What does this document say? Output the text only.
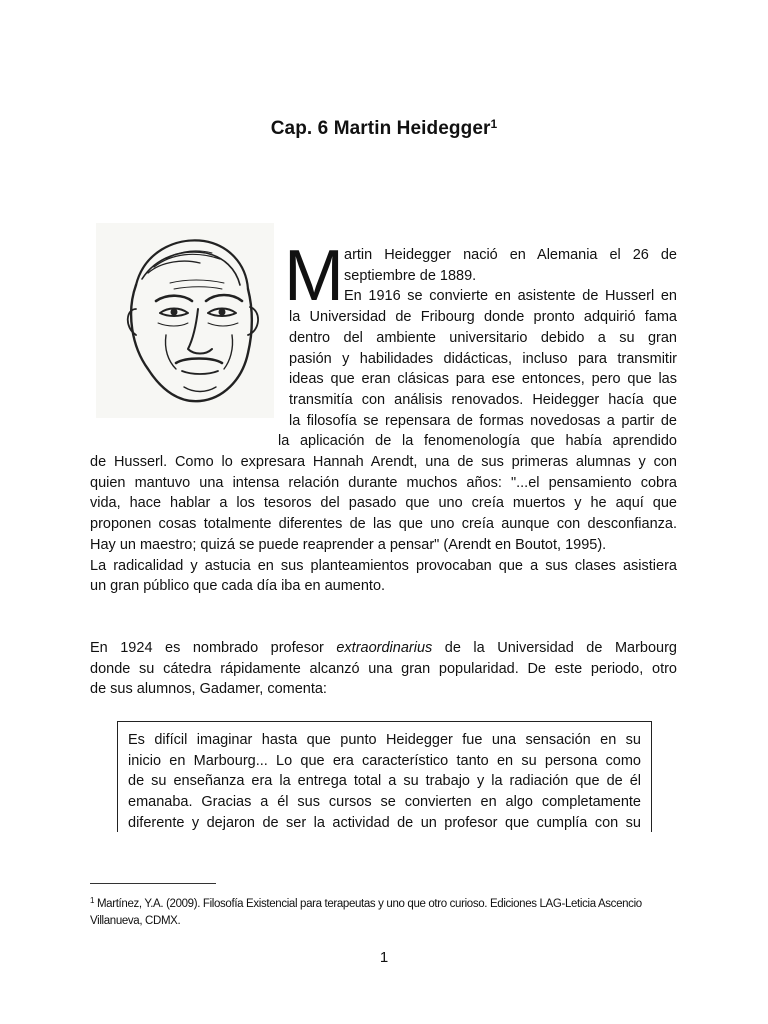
Cap. 6 Martin Heidegger$^1$
M artin Heidegger nació en Alemania el 26 de
septiembre de 1889.
En 1916 se convierte en asistente de Husserl en
la Universidad de Fribourg donde pronto adquirió fama
dentro del ambiente universitario debido a su gran
pasión y habilidades didácticas, incluso para transmitir
ideas que eran clásicas para ese entonces, pero que las
transmitía con análisis renovados. Heidegger hacía que
la filosofía se repensara de formas novedosas a partir de
la aplicación de la fenomenología que había aprendido
de Husserl. Como lo expresara Hannah Arendt, una de sus primeras alumnas y con
quien mantuvo una intensa relación durante muchos años: "...el pensamiento cobra
vida, hace hablar a los tesoros del pasado que uno creía muertos y he aquí que
proponen cosas totalmente diferentes de las que uno creía aunque con desconfianza.
Hay un maestro; quizá se puede reaprender a pensar" (Arendt en Boutot, 1995).
La radicalidad y astucia en sus planteamientos provocaban que a sus clases asistiera
un gran público que cada día iba en aumento.
En 1924 es nombrado profesor extraordinarius de la Universidad de Marbourg
donde su cátedra rápidamente alcanzó una gran popularidad. De este periodo, otro
de sus alumnos, Gadamer, comenta:
Es difícil imaginar hasta que punto Heidegger fue una sensación en su
inicio en Marbourg... Lo que era característico tanto en su persona como
de su enseñanza era la entrega total a su trabajo y la radiación que de él
emanaba. Gracias a él sus cursos se convierten en algo completamente
diferente y dejaron de ser la actividad de un profesor que cumplía con su
$^1$ Martínez, Y.A. (2009). Filosofía Existencial para terapeutas y uno que otro curioso. Ediciones LAG-Leticia Ascencio
Villanueva, CDMX.
1
